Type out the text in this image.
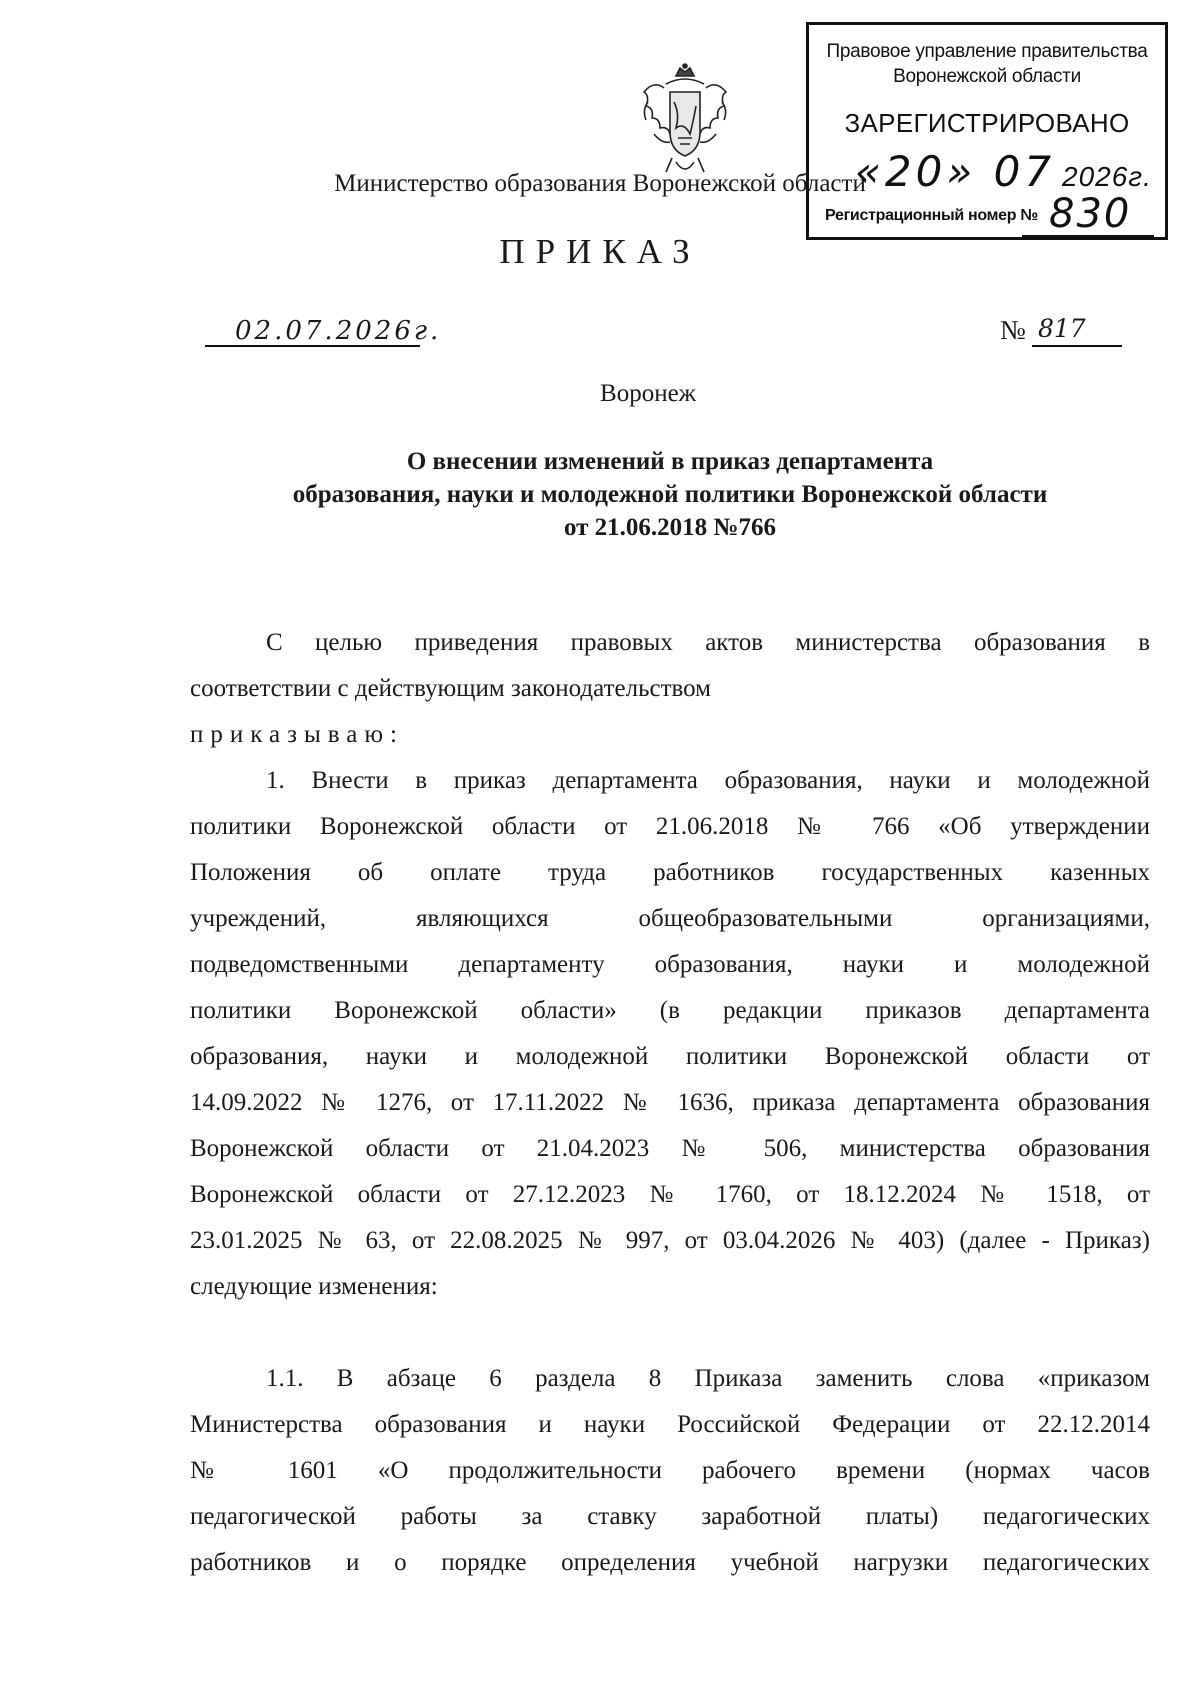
Министерство образования Воронежской области
ПРИКАЗ
Правовое управление правительства
Воронежской области
ЗАРЕГИСТРИРОВАНО
«20» 07 2026г.
Регистрационный номер № 830
02.07.2026г.	№ 817
Воронеж
О внесении изменений в приказ департамента
образования, науки и молодежной политики Воронежской области
от 21.06.2018 №766
С целью приведения правовых актов министерства образования в
соответствии с действующим законодательством
приказываю:
1. Внести в приказ департамента образования, науки и молодежной
политики Воронежской области от 21.06.2018 № 766 «Об утверждении
Положения об оплате труда работников государственных казенных
учреждений, являющихся общеобразовательными организациями,
подведомственными департаменту образования, науки и молодежной
политики Воронежской области» (в редакции приказов департамента
образования, науки и молодежной политики Воронежской области от
14.09.2022 № 1276, от 17.11.2022 № 1636, приказа департамента образования
Воронежской области от 21.04.2023 № 506, министерства образования
Воронежской области от 27.12.2023 № 1760, от 18.12.2024 № 1518, от
23.01.2025 № 63, от 22.08.2025 № 997, от 03.04.2026 № 403) (далее - Приказ)
следующие изменения:
1.1. В абзаце 6 раздела 8 Приказа заменить слова «приказом
Министерства образования и науки Российской Федерации от 22.12.2014
№ 1601 «О продолжительности рабочего времени (нормах часов
педагогической работы за ставку заработной платы) педагогических
работников и о порядке определения учебной нагрузки педагогических
